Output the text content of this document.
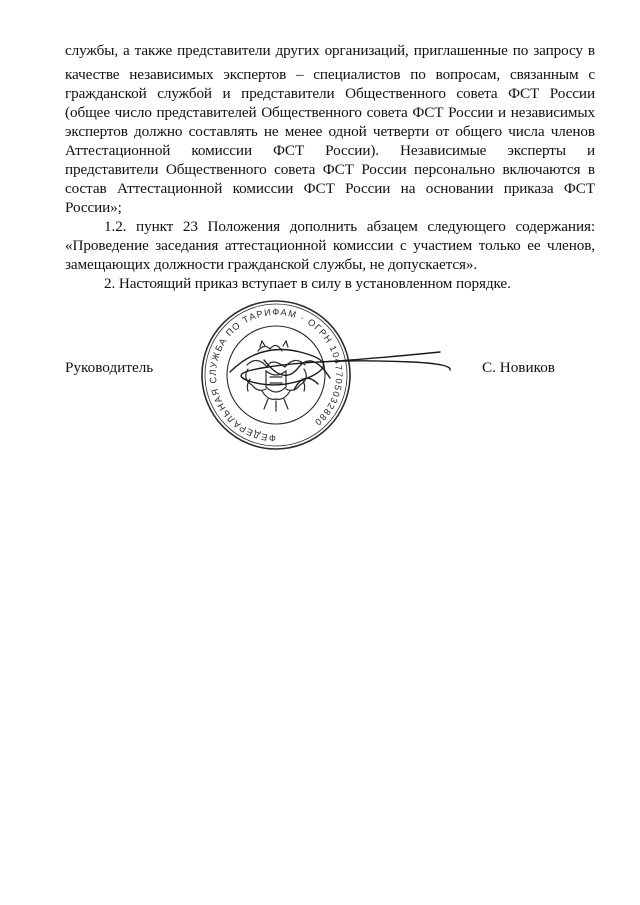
службы, а также представители других организаций, приглашенные по запросу в
качестве независимых экспертов – специалистов по вопросам, связанным с
гражданской службой и представители Общественного совета ФСТ России
(общее число представителей Общественного совета ФСТ России и независимых
экспертов должно составлять не менее одной четверти от общего числа членов
Аттестационной комиссии ФСТ России). Независимые эксперты и
представители Общественного совета ФСТ России персонально включаются в
состав Аттестационной комиссии ФСТ России на основании приказа ФСТ
России»;
1.2. пункт 23 Положения дополнить абзацем следующего содержания:
«Проведение заседания аттестационной комиссии с участием только ее членов,
замещающих должности гражданской службы, не допускается».
2. Настоящий приказ вступает в силу в установленном порядке.
ФЕДЕРАЛЬНАЯ СЛУЖБА ПО ТАРИФАМ · ОГРН 1047705032880
Руководитель	С. Новиков
